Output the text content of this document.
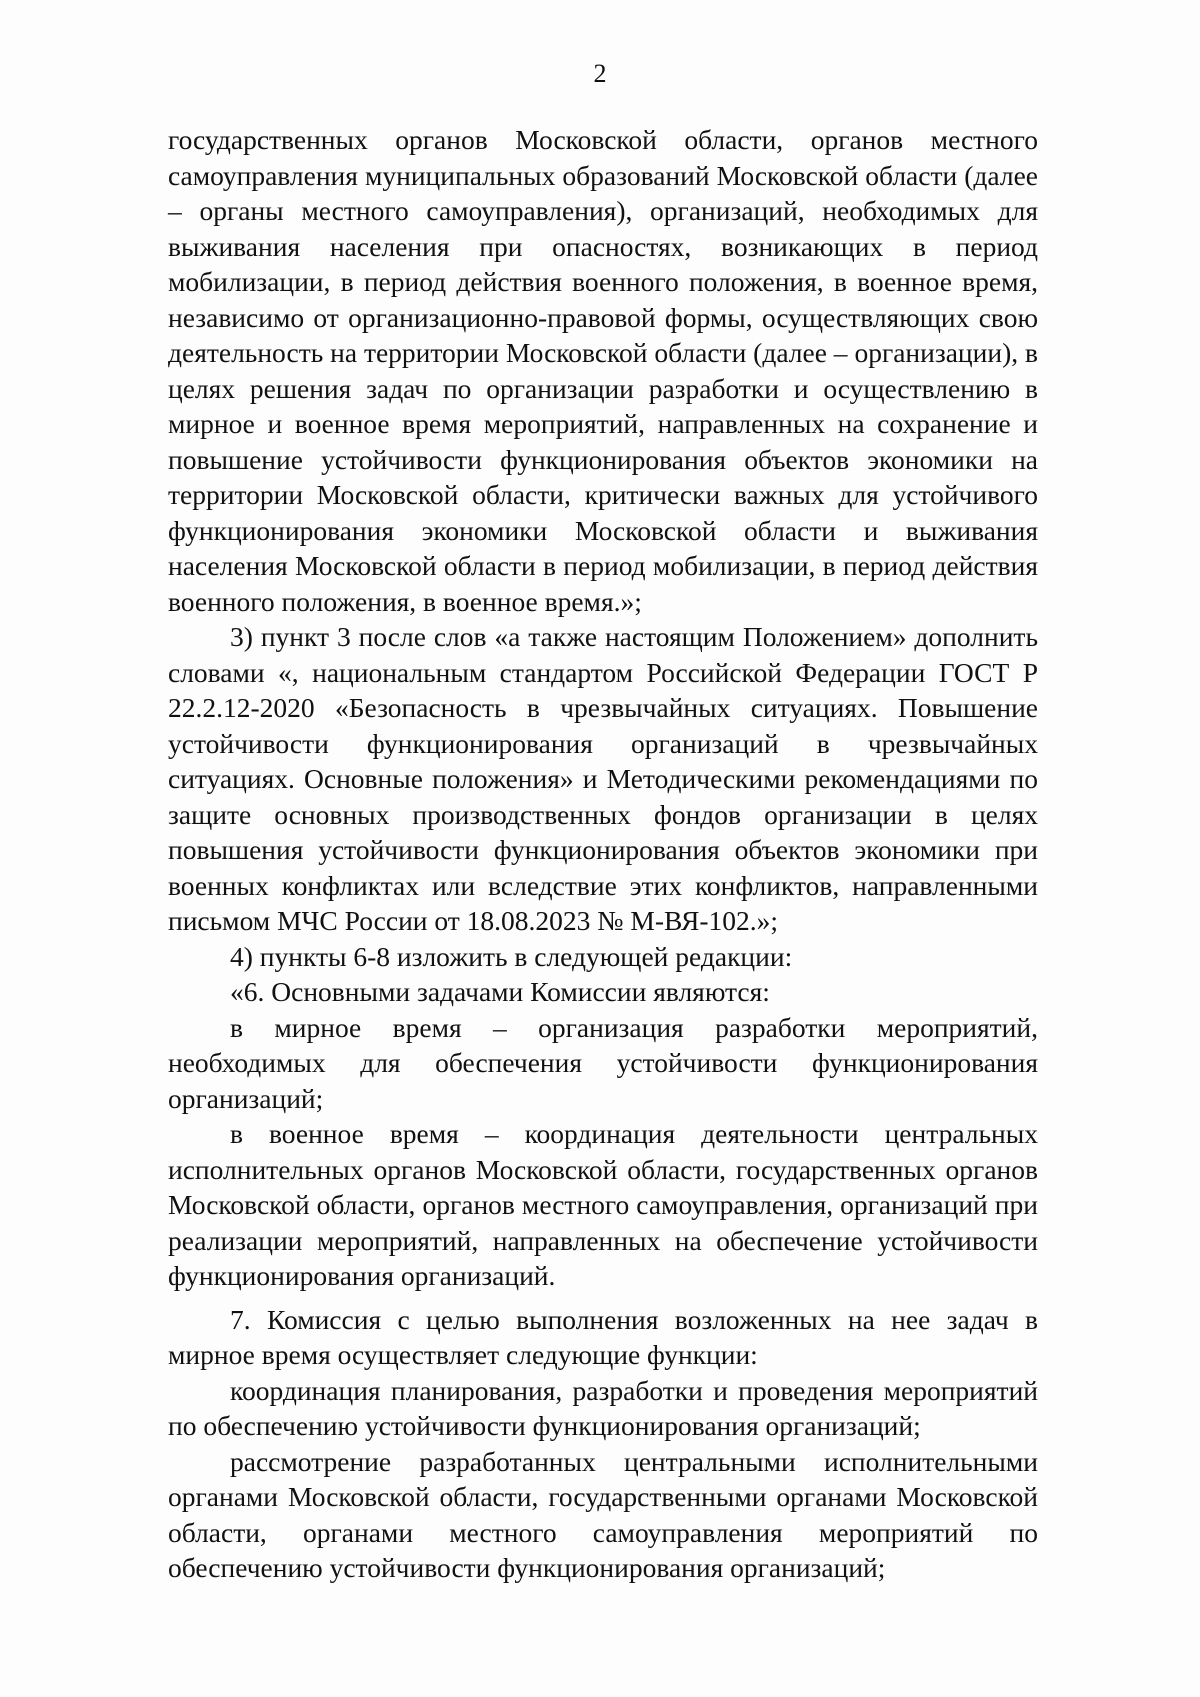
2

государственных органов Московской области, органов местного самоуправления муниципальных образований Московской области (далее – органы местного самоуправления), организаций, необходимых для выживания населения при опасностях, возникающих в период мобилизации, в период действия военного положения, в военное время, независимо от организационно-правовой формы, осуществляющих свою деятельность на территории Московской области (далее – организации), в целях решения задач по организации разработки и осуществлению в мирное и военное время мероприятий, направленных на сохранение и повышение устойчивости функционирования объектов экономики на территории Московской области, критически важных для устойчивого функционирования экономики Московской области и выживания населения Московской области в период мобилизации, в период действия военного положения, в военное время.»;

3) пункт 3 после слов «а также настоящим Положением» дополнить словами «, национальным стандартом Российской Федерации ГОСТ Р 22.2.12-2020 «Безопасность в чрезвычайных ситуациях. Повышение устойчивости функционирования организаций в чрезвычайных ситуациях. Основные положения» и Методическими рекомендациями по защите основных производственных фондов организации в целях повышения устойчивости функционирования объектов экономики при военных конфликтах или вследствие этих конфликтов, направленными письмом МЧС России от 18.08.2023 № М-ВЯ-102.»;

4) пункты 6-8 изложить в следующей редакции:

«6. Основными задачами Комиссии являются:

в мирное время – организация разработки мероприятий, необходимых для обеспечения устойчивости функционирования организаций;

в военное время – координация деятельности центральных исполнительных органов Московской области, государственных органов Московской области, органов местного самоуправления, организаций при реализации мероприятий, направленных на обеспечение устойчивости функционирования организаций.

7. Комиссия с целью выполнения возложенных на нее задач в мирное время осуществляет следующие функции:

координация планирования, разработки и проведения мероприятий по обеспечению устойчивости функционирования организаций;

рассмотрение разработанных центральными исполнительными органами Московской области, государственными органами Московской области, органами местного самоуправления мероприятий по обеспечению устойчивости функционирования организаций;
